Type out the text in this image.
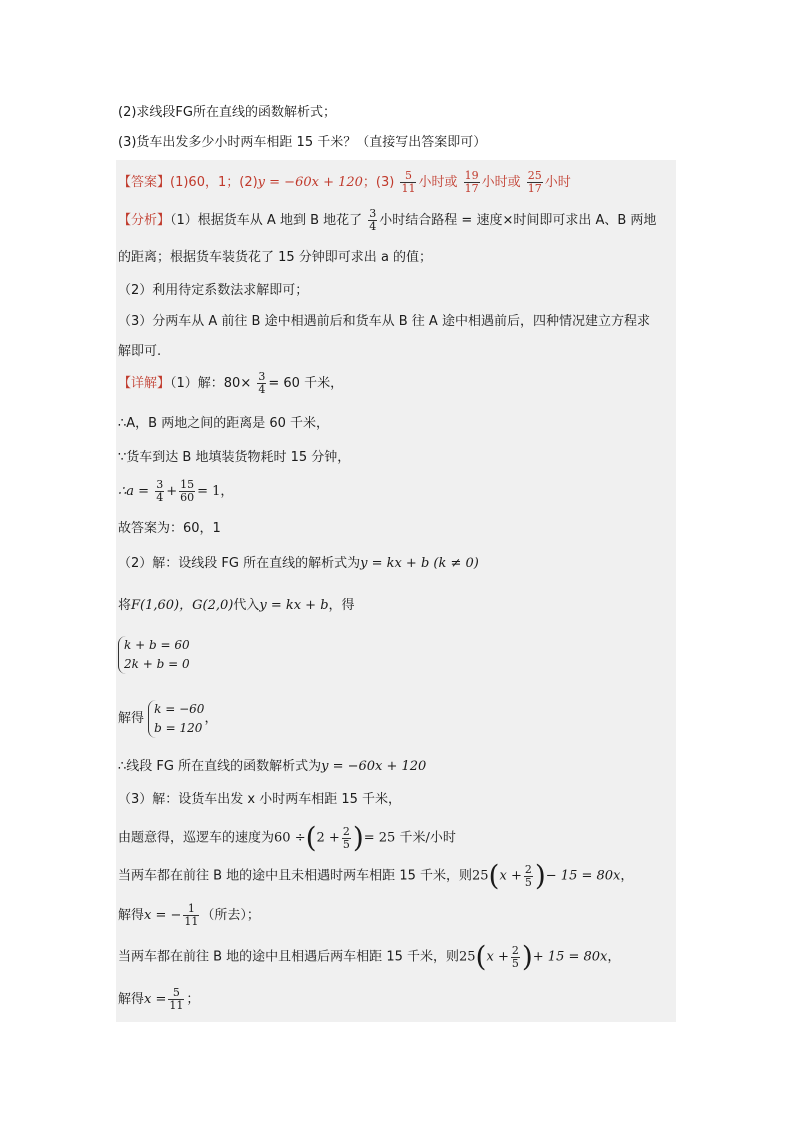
(2)求线段FG所在直线的函数解析式；
(3)货车出发多少小时两车相距 15 千米？（直接写出答案即可）
【答案】(1)60，1；(2)y = −60x + 120；$(3) \frac{5}{11}$ 小时或 $\frac{19}{17}$ 小时或 $\frac{25}{17}$ 小时
【分析】（1）根据货车从 A 地到 B 地花了 $\frac{3}{4}$ 小时结合路程 = 速度×时间即可求出 A、B 两地
的距离；根据货车装货花了 15 分钟即可求出 a 的值；
（2）利用待定系数法求解即可；
（3）分两车从 A 前往 B 途中相遇前后和货车从 B 往 A 途中相遇前后，四种情况建立方程求
解即可.
【详解】（1）解：$80\times \frac{3}{4} = 60$ 千米，
∴A，B 两地之间的距离是 60 千米，
∵货车到达 B 地填装货物耗时 15 分钟，
∴a = $\frac{3}{4} + \frac{15}{60} = 1$，
故答案为：60，1
（2）解：设线段 FG 所在直线的解析式为y = kx + b (k ≠ 0)
将F(1,60)，G(2,0)代入y = kx + b，得
k + b = 60
2k + b = 0
解得
k = −60
b = 120
，
∴线段 FG 所在直线的函数解析式为y = −60x + 120
（3）解：设货车出发 x 小时两车相距 15 千米，
由题意得，巡逻车的速度为$60 \div(2 + \frac{2}{5}$ )= 25 千米/小时
当两车都在前往 B 地的途中且未相遇时两车相距 15 千米，则$25(x + \frac{2}{5}$ )− 15 = 80x，
解得x = − $\frac{1}{11}$ （所去）；
当两车都在前往 B 地的途中且相遇后两车相距 15 千米，则$25(x + \frac{2}{5}$ )+ 15 = 80x，
解得$x = \frac{5}{11}$ ；
